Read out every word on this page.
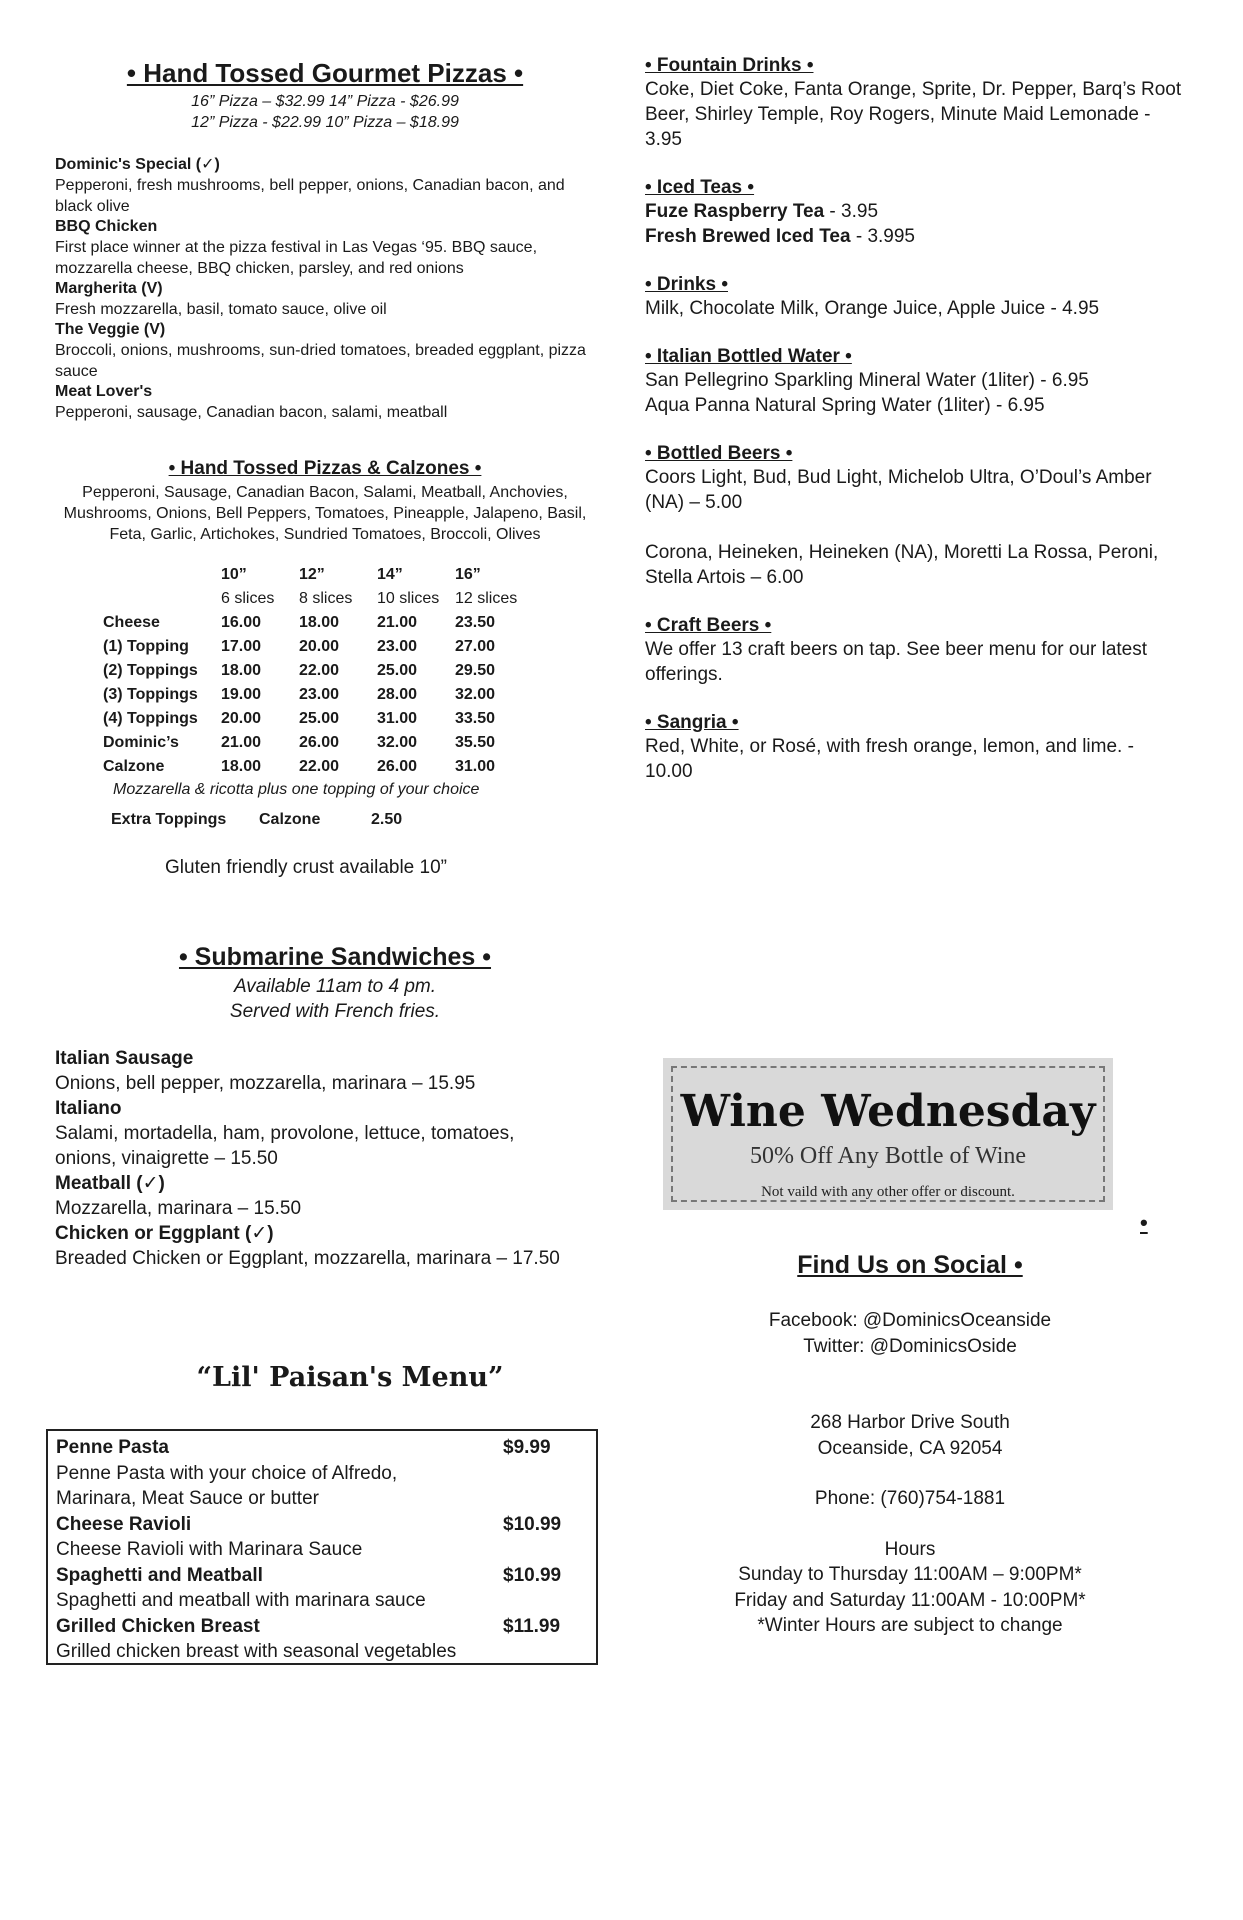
• Hand Tossed Gourmet Pizzas •
16” Pizza – $32.99 14” Pizza - $26.99
12” Pizza - $22.99 10” Pizza – $18.99
Dominic's Special (✓)
Pepperoni, fresh mushrooms, bell pepper, onions, Canadian bacon, and black olive
BBQ Chicken
First place winner at the pizza festival in Las Vegas ‘95. BBQ sauce, mozzarella cheese, BBQ chicken, parsley, and red onions
Margherita (V)
Fresh mozzarella, basil, tomato sauce, olive oil
The Veggie (V)
Broccoli, onions, mushrooms, sun-dried tomatoes, breaded eggplant, pizza sauce
Meat Lover's
Pepperoni, sausage, Canadian bacon, salami, meatball
• Hand Tossed Pizzas & Calzones •
Pepperoni, Sausage, Canadian Bacon, Salami, Meatball, Anchovies, Mushrooms, Onions, Bell Peppers, Tomatoes, Pineapple, Jalapeno, Basil, Feta, Garlic, Artichokes, Sundried Tomatoes, Broccoli, Olives
	10”	12”	14”	16”
	6 slices	8 slices	10 slices	12 slices
Cheese	16.00	18.00	21.00	23.50
(1) Topping	17.00	20.00	23.00	27.00
(2) Toppings	18.00	22.00	25.00	29.50
(3) Toppings	19.00	23.00	28.00	32.00
(4) Toppings	20.00	25.00	31.00	33.50
Dominic’s	21.00	26.00	32.00	35.50
Calzone	18.00	22.00	26.00	31.00
Mozzarella & ricotta plus one topping of your choice
Extra Toppings	Calzone	2.50
Gluten friendly crust available 10”
• Submarine Sandwiches •
Available 11am to 4 pm.
Served with French fries.
Italian Sausage
Onions, bell pepper, mozzarella, marinara – 15.95
Italiano
Salami, mortadella, ham, provolone, lettuce, tomatoes, onions, vinaigrette – 15.50
Meatball (✓)
Mozzarella, marinara – 15.50
Chicken or Eggplant (✓)
Breaded Chicken or Eggplant, mozzarella, marinara – 17.50
“Lil' Paisan's Menu”
Penne Pasta	$9.99
Penne Pasta with your choice of Alfredo, Marinara, Meat Sauce or butter
Cheese Ravioli	$10.99
Cheese Ravioli with Marinara Sauce
Spaghetti and Meatball	$10.99
Spaghetti and meatball with marinara sauce
Grilled Chicken Breast	$11.99
Grilled chicken breast with seasonal vegetables
• Fountain Drinks •
Coke, Diet Coke, Fanta Orange, Sprite, Dr. Pepper, Barq’s Root Beer, Shirley Temple, Roy Rogers, Minute Maid Lemonade - 3.95
• Iced Teas •
Fuze Raspberry Tea - 3.95
Fresh Brewed Iced Tea - 3.995
• Drinks •
Milk, Chocolate Milk, Orange Juice, Apple Juice - 4.95
• Italian Bottled Water •
San Pellegrino Sparkling Mineral Water (1liter) - 6.95
Aqua Panna Natural Spring Water (1liter) - 6.95
• Bottled Beers •
Coors Light, Bud, Bud Light, Michelob Ultra, O’Doul’s Amber (NA) – 5.00
Corona, Heineken, Heineken (NA), Moretti La Rossa, Peroni, Stella Artois – 6.00
• Craft Beers •
We offer 13 craft beers on tap. See beer menu for our latest offerings.
• Sangria •
Red, White, or Rosé, with fresh orange, lemon, and lime. - 10.00
Wine Wednesday
50% Off Any Bottle of Wine
Not vaild with any other offer or discount.
•
Find Us on Social •
Facebook: @DominicsOceanside
Twitter: @DominicsOside
268 Harbor Drive South
Oceanside, CA 92054
Phone: (760)754-1881
Hours
Sunday to Thursday 11:00AM – 9:00PM*
Friday and Saturday 11:00AM - 10:00PM*
*Winter Hours are subject to change
